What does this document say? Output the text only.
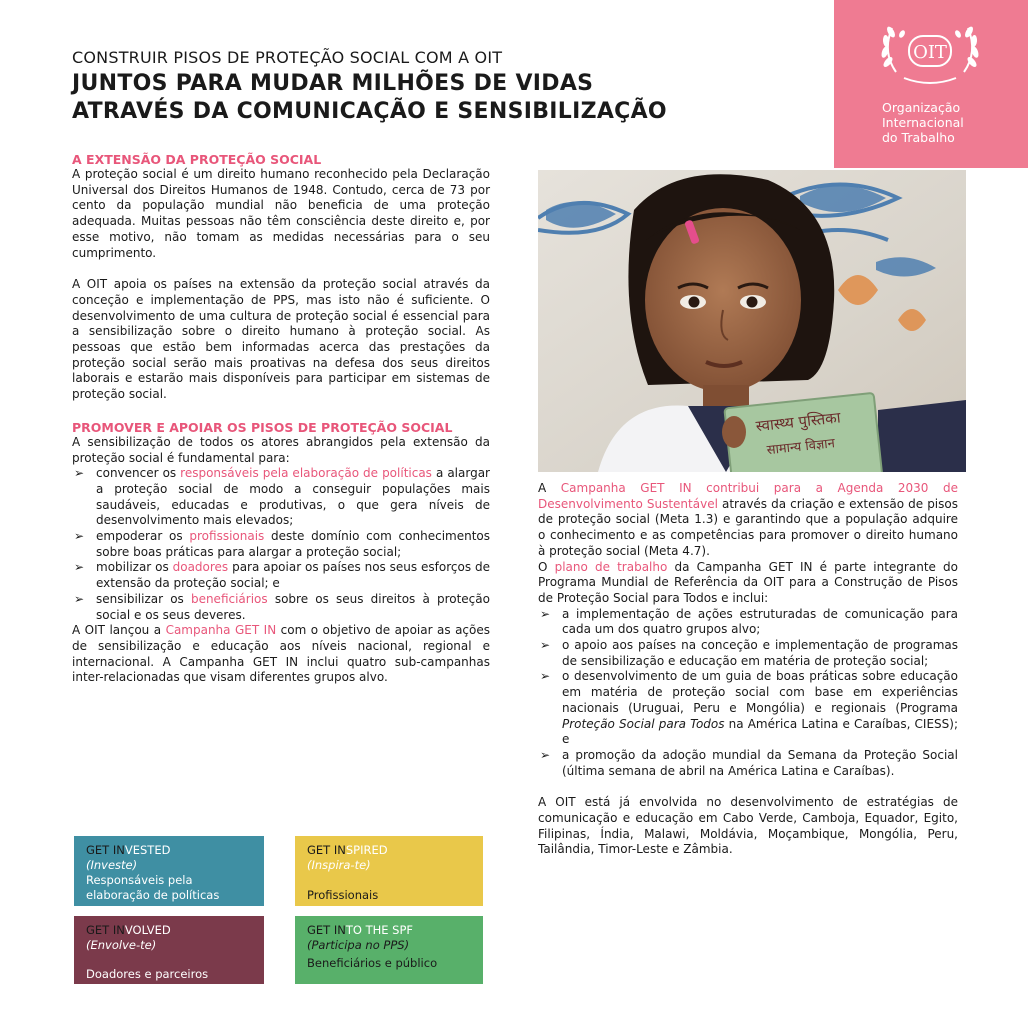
CONSTRUIR PISOS DE PROTEÇÃO SOCIAL COM A OIT
JUNTOS PARA MUDAR MILHÕES DE VIDAS
ATRAVÉS DA COMUNICAÇÃO E SENSIBILIZAÇÃO
OIT
Organização
Internacional
do Trabalho
A EXTENSÃO DA PROTEÇÃO SOCIAL

A proteção social é um direito humano reconhecido pela Declaração Universal dos Direitos Humanos de 1948. Contudo, cerca de 73 por cento da população mundial não beneficia de uma proteção adequada. Muitas pessoas não têm consciência deste direito e, por esse motivo, não tomam as medidas necessárias para o seu cumprimento.

A OIT apoia os países na extensão da proteção social através da conceção e implementação de PPS, mas isto não é suficiente. O desenvolvimento de uma cultura de proteção social é essencial para a sensibilização sobre o direito humano à proteção social. As pessoas que estão bem informadas acerca das prestações da proteção social serão mais proativas na defesa dos seus direitos laborais e estarão mais disponíveis para participar em sistemas de proteção social.

PROMOVER E APOIAR OS PISOS DE PROTEÇÃO SOCIAL

A sensibilização de todos os atores abrangidos pela extensão da proteção social é fundamental para:

➢ convencer os responsáveis pela elaboração de políticas a alargar a proteção social de modo a conseguir populações mais saudáveis, educadas e produtivas, o que gera níveis de desenvolvimento mais elevados;
➢ empoderar os profissionais deste domínio com conhecimentos sobre boas práticas para alargar a proteção social;
➢ mobilizar os doadores para apoiar os países nos seus esforços de extensão da proteção social; e
➢ sensibilizar os beneficiários sobre os seus direitos à proteção social e os seus deveres.

A OIT lançou a Campanha GET IN com o objetivo de apoiar as ações de sensibilização e educação aos níveis nacional, regional e internacional. A Campanha GET IN inclui quatro sub-campanhas inter-relacionadas que visam diferentes grupos alvo.

GET INVESTED
(Investe)
Responsáveis pela elaboração de políticas
GET INSPIRED
(Inspira-te)
Profissionais
GET INVOLVED
(Envolve-te)
Doadores e parceiros
GET INTO THE SPF
(Participa no PPS)
Beneficiários e público
स्वास्थ्य पुस्तिका
सामान्य विज्ञान

A Campanha GET IN contribui para a Agenda 2030 de Desenvolvimento Sustentável através da criação e extensão de pisos de proteção social (Meta 1.3) e garantindo que a população adquire o conhecimento e as competências para promover o direito humano à proteção social (Meta 4.7).

O plano de trabalho da Campanha GET IN é parte integrante do Programa Mundial de Referência da OIT para a Construção de Pisos de Proteção Social para Todos e inclui:

➢ a implementação de ações estruturadas de comunicação para cada um dos quatro grupos alvo;
➢ o apoio aos países na conceção e implementação de programas de sensibilização e educação em matéria de proteção social;
➢ o desenvolvimento de um guia de boas práticas sobre educação em matéria de proteção social com base em experiências nacionais (Uruguai, Peru e Mongólia) e regionais (Programa Proteção Social para Todos na América Latina e Caraíbas, CIESS); e
➢ a promoção da adoção mundial da Semana da Proteção Social (última semana de abril na América Latina e Caraíbas).

A OIT está já envolvida no desenvolvimento de estratégias de comunicação e educação em Cabo Verde, Camboja, Equador, Egito, Filipinas, Índia, Malawi, Moldávia, Moçambique, Mongólia, Peru, Tailândia, Timor-Leste e Zâmbia.
